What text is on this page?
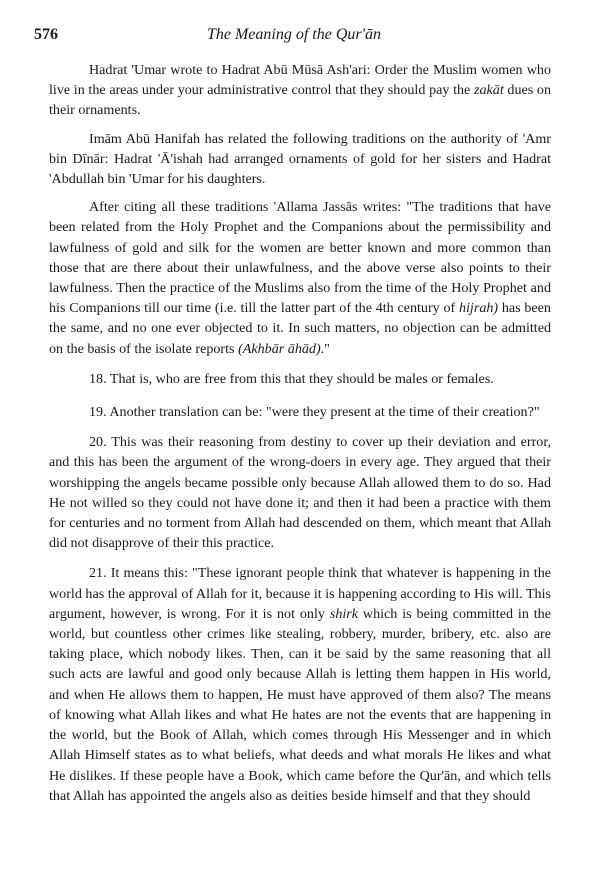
576	The Meaning of the Qur'ān

Hadrat 'Umar wrote to Hadrat Abū Mūsā Ash'ari: Order the Muslim women who live in the areas under your administrative control that they should pay the zakāt dues on their ornaments.

Imām Abū Hanifah has related the following traditions on the authority of 'Amr bin Dīnār: Hadrat 'Ā'ishah had arranged ornaments of gold for her sisters and Hadrat 'Abdullah bin 'Umar for his daughters.

After citing all these traditions 'Allama Jassās writes: "The traditions that have been related from the Holy Prophet and the Companions about the permissibility and lawfulness of gold and silk for the women are better known and more common than those that are there about their unlawfulness, and the above verse also points to their lawfulness. Then the practice of the Muslims also from the time of the Holy Prophet and his Companions till our time (i.e. till the latter part of the 4th century of hijrah) has been the same, and no one ever objected to it. In such matters, no objection can be admitted on the basis of the isolate reports (Akhbār āhād)."

18. That is, who are free from this that they should be males or females.

19. Another translation can be: "were they present at the time of their creation?"

20. This was their reasoning from destiny to cover up their deviation and error, and this has been the argument of the wrong-doers in every age. They argued that their worshipping the angels became possible only because Allah allowed them to do so. Had He not willed so they could not have done it; and then it had been a practice with them for centuries and no torment from Allah had descended on them, which meant that Allah did not disapprove of their this practice.

21. It means this: "These ignorant people think that whatever is happening in the world has the approval of Allah for it, because it is happening according to His will. This argument, however, is wrong. For it is not only shirk which is being committed in the world, but countless other crimes like stealing, robbery, murder, bribery, etc. also are taking place, which nobody likes. Then, can it be said by the same reasoning that all such acts are lawful and good only because Allah is letting them happen in His world, and when He allows them to happen, He must have approved of them also? The means of knowing what Allah likes and what He hates are not the events that are happening in the world, but the Book of Allah, which comes through His Messenger and in which Allah Himself states as to what beliefs, what deeds and what morals He likes and what He dislikes. If these people have a Book, which came before the Qur'ān, and which tells that Allah has appointed the angels also as deities beside himself and that they should
